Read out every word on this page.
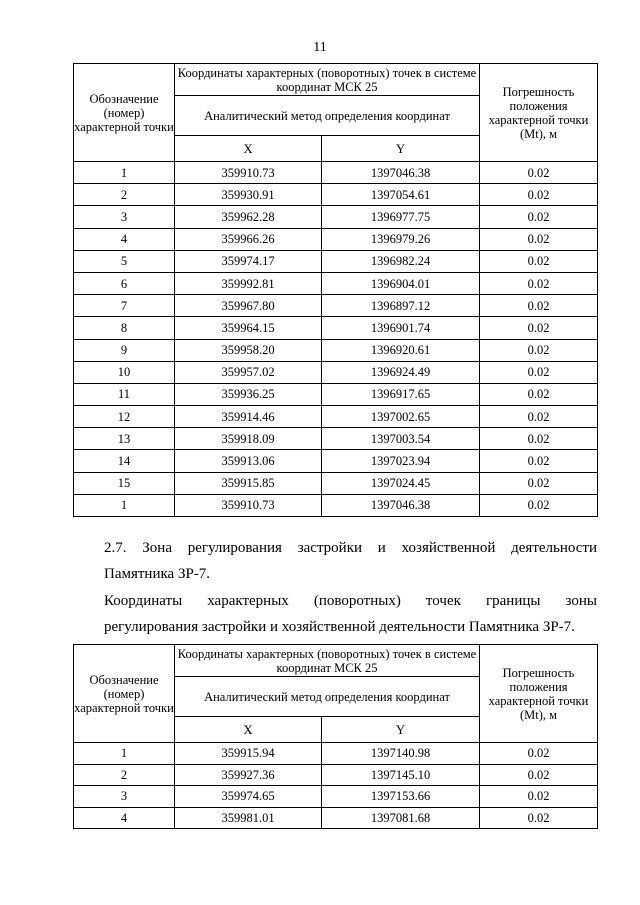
11
Обозначение (номер) характерной точки	Координаты характерных (поворотных) точек в системе координат МСК 25		Погрешность положения характерной точки (Mt), м
	Аналитический метод определения координат		
	X	Y	
1	359910.73	1397046.38	0.02
2	359930.91	1397054.61	0.02
3	359962.28	1396977.75	0.02
4	359966.26	1396979.26	0.02
5	359974.17	1396982.24	0.02
6	359992.81	1396904.01	0.02
7	359967.80	1396897.12	0.02
8	359964.15	1396901.74	0.02
9	359958.20	1396920.61	0.02
10	359957.02	1396924.49	0.02
11	359936.25	1396917.65	0.02
12	359914.46	1397002.65	0.02
13	359918.09	1397003.54	0.02
14	359913.06	1397023.94	0.02
15	359915.85	1397024.45	0.02
1	359910.73	1397046.38	0.02

2.7. Зона регулирования застройки и хозяйственной деятельности
Памятника ЗР-7.

Координаты характерных (поворотных) точек границы зоны
регулирования застройки и хозяйственной деятельности Памятника ЗР-7.

Обозначение (номер) характерной точки	Координаты характерных (поворотных) точек в системе координат МСК 25		Погрешность положения характерной точки (Mt), м
	Аналитический метод определения координат		
	X	Y	
1	359915.94	1397140.98	0.02
2	359927.36	1397145.10	0.02
3	359974.65	1397153.66	0.02
4	359981.01	1397081.68	0.02
